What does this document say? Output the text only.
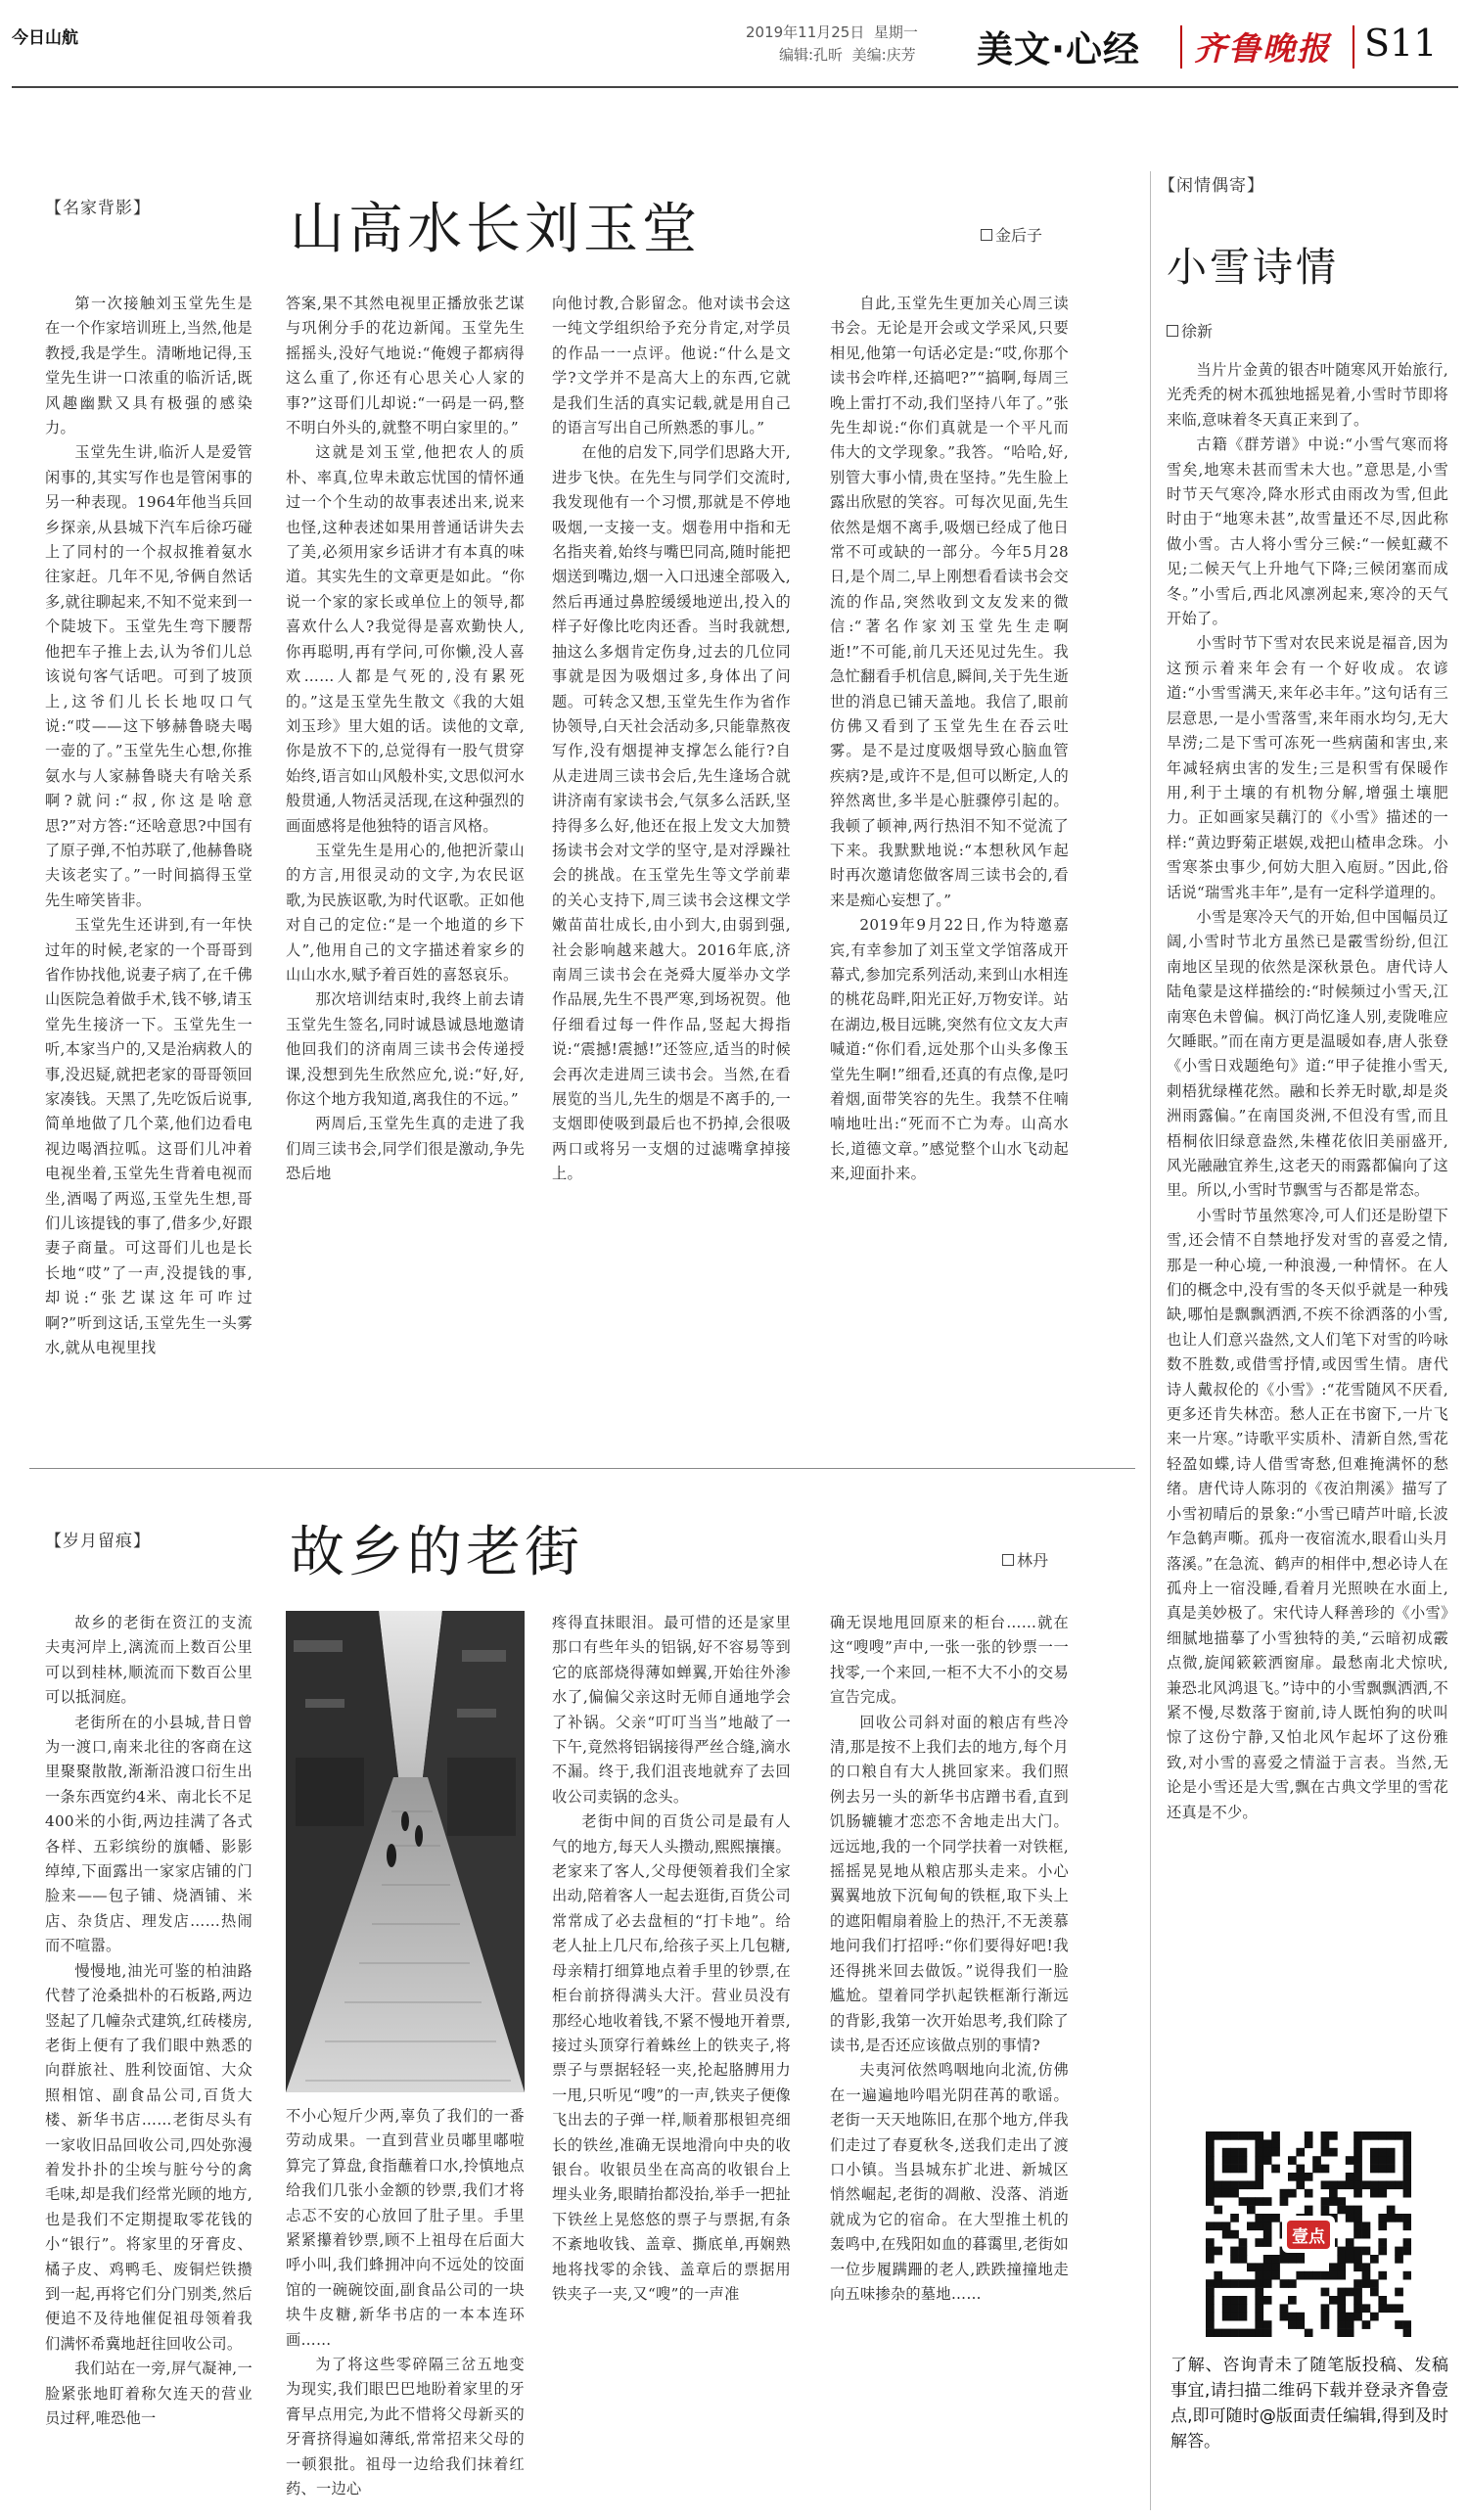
今日山航	2019年11月25日 星期一
编辑:孔昕 美编:庆芳 美文·心经 齐鲁晚报 S11
【名家背影】	山高水长刘玉堂	金后子

第一次接触刘玉堂先生是在一个作家培训班上,当然,他是教授,我是学生。清晰地记得,玉堂先生讲一口浓重的临沂话,既风趣幽默又具有极强的感染力。

玉堂先生讲,临沂人是爱管闲事的,其实写作也是管闲事的另一种表现。1964年他当兵回乡探亲,从县城下汽车后徐巧碰上了同村的一个叔叔推着氨水往家赶。几年不见,爷俩自然话多,就往聊起来,不知不觉来到一个陡坡下。玉堂先生弯下腰帮他把车子推上去,认为爷们儿总该说句客气话吧。可到了坡顶上,这爷们儿长长地叹口气说:“哎——这下够赫鲁晓夫喝一壶的了。”玉堂先生心想,你推氨水与人家赫鲁晓夫有啥关系啊?就问:“叔,你这是啥意思?”对方答:“还啥意思?中国有了原子弹,不怕苏联了,他赫鲁晓夫该老实了。”一时间搞得玉堂先生啼笑皆非。

玉堂先生还讲到,有一年快过年的时候,老家的一个哥哥到省作协找他,说妻子病了,在千佛山医院急着做手术,钱不够,请玉堂先生接济一下。玉堂先生一听,本家当户的,又是治病救人的事,没迟疑,就把老家的哥哥领回家凑钱。天黑了,先吃饭后说事,简单地做了几个菜,他们边看电视边喝酒拉呱。这哥们儿冲着电视坐着,玉堂先生背着电视而坐,酒喝了两巡,玉堂先生想,哥们儿该提钱的事了,借多少,好跟妻子商量。可这哥们儿也是长长地“哎”了一声,没提钱的事,却说:“张艺谋这年可咋过啊?”听到这话,玉堂先生一头雾水,就从电视里找

答案,果不其然电视里正播放张艺谋与巩俐分手的花边新闻。玉堂先生摇摇头,没好气地说:“俺嫂子都病得这么重了,你还有心思关心人家的事?”这哥们儿却说:“一码是一码,整不明白外头的,就整不明白家里的。”

这就是刘玉堂,他把农人的质朴、率真,位卑未敢忘忧国的情怀通过一个个生动的故事表述出来,说来也怪,这种表述如果用普通话讲失去了美,必须用家乡话讲才有本真的味道。其实先生的文章更是如此。“你说一个家的家长或单位上的领导,都喜欢什么人?我觉得是喜欢勤快人,你再聪明,再有学问,可你懒,没人喜欢……人都是气死的,没有累死的。”这是玉堂先生散文《我的大姐刘玉珍》里大姐的话。读他的文章,你是放不下的,总觉得有一股气贯穿始终,语言如山风般朴实,文思似河水般贯通,人物活灵活现,在这种强烈的画面感将是他独特的语言风格。

玉堂先生是用心的,他把沂蒙山的方言,用很灵动的文字,为农民讴歌,为民族讴歌,为时代讴歌。正如他对自己的定位:“是一个地道的乡下人”,他用自己的文字描述着家乡的山山水水,赋予着百姓的喜怒哀乐。

那次培训结束时,我终上前去请玉堂先生签名,同时诚恳诚恳地邀请他回我们的济南周三读书会传递授课,没想到先生欣然应允,说:“好,好,你这个地方我知道,离我住的不远。”

两周后,玉堂先生真的走进了我们周三读书会,同学们很是激动,争先恐后地

向他讨教,合影留念。他对读书会这一纯文学组织给予充分肯定,对学员的作品一一点评。他说:“什么是文学?文学并不是高大上的东西,它就是我们生活的真实记载,就是用自己的语言写出自己所熟悉的事儿。”

在他的启发下,同学们思路大开,进步飞快。在先生与同学们交流时,我发现他有一个习惯,那就是不停地吸烟,一支接一支。烟卷用中指和无名指夹着,始终与嘴巴同高,随时能把烟送到嘴边,烟一入口迅速全部吸入,然后再通过鼻腔缓缓地逆出,投入的样子好像比吃肉还香。当时我就想,抽这么多烟肯定伤身,过去的几位同事就是因为吸烟过多,身体出了问题。可转念又想,玉堂先生作为省作协领导,白天社会活动多,只能靠熬夜写作,没有烟提神支撑怎么能行?自从走进周三读书会后,先生逢场合就讲济南有家读书会,气氛多么活跃,坚持得多么好,他还在报上发文大加赞扬读书会对文学的坚守,是对浮躁社会的挑战。在玉堂先生等文学前辈的关心支持下,周三读书会这棵文学嫩苗苗壮成长,由小到大,由弱到强,社会影响越来越大。2016年底,济南周三读书会在尧舜大厦举办文学作品展,先生不畏严寒,到场祝贺。他仔细看过每一件作品,竖起大拇指说:“震撼!震撼!”还签应,适当的时候会再次走进周三读书会。当然,在看展览的当儿,先生的烟是不离手的,一支烟即使吸到最后也不扔掉,会很吸两口或将另一支烟的过滤嘴拿掉接上。

自此,玉堂先生更加关心周三读书会。无论是开会或文学采风,只要相见,他第一句话必定是:“哎,你那个读书会咋样,还搞吧?”“搞啊,每周三晚上雷打不动,我们坚持八年了。”张先生却说:“你们真就是一个平凡而伟大的文学现象。”我答。“哈哈,好,别管大事小情,贵在坚持。”先生脸上露出欣慰的笑容。可每次见面,先生依然是烟不离手,吸烟已经成了他日常不可或缺的一部分。今年5月28日,是个周二,早上刚想看看读书会交流的作品,突然收到文友发来的微信:“著名作家刘玉堂先生走啊逝!”不可能,前几天还见过先生。我急忙翻看手机信息,瞬间,关于先生逝世的消息已铺天盖地。我信了,眼前仿佛又看到了玉堂先生在吞云吐雾。是不是过度吸烟导致心脑血管疾病?是,或许不是,但可以断定,人的猝然离世,多半是心脏骤停引起的。我顿了顿神,两行热泪不知不觉流了下来。我默默地说:“本想秋风乍起时再次邀请您做客周三读书会的,看来是痴心妄想了。”

2019年9月22日,作为特邀嘉宾,有幸参加了刘玉堂文学馆落成开幕式,参加完系列活动,来到山水相连的桃花岛畔,阳光正好,万物安详。站在湖边,极目远眺,突然有位文友大声喊道:“你们看,远处那个山头多像玉堂先生啊!”细看,还真的有点像,是叼着烟,面带笑容的先生。我禁不住喃喃地吐出:“死而不亡为寿。山高水长,道德文章。”感觉整个山水飞动起来,迎面扑来。

【岁月留痕】	故乡的老街	林丹

故乡的老街在资江的支流夫夷河岸上,漓流而上数百公里可以到桂林,顺流而下数百公里可以抵洞庭。

老街所在的小县城,昔日曾为一渡口,南来北往的客商在这里聚聚散散,渐渐沿渡口衍生出一条东西宽约4米、南北长不足400米的小街,两边挂满了各式各样、五彩缤纷的旗幡、影影绰绰,下面露出一家家店铺的门脸来——包子铺、烧酒铺、米店、杂货店、理发店……热闹而不喧嚣。

慢慢地,油光可鉴的柏油路代替了沧桑拙朴的石板路,两边竖起了几幢杂式建筑,红砖楼房,老街上便有了我们眼中熟悉的向群旅社、胜利饺面馆、大众照相馆、副食品公司,百货大楼、新华书店……老街尽头有一家收旧品回收公司,四处弥漫着发扑扑的尘埃与脏兮兮的禽毛味,却是我们经常光顾的地方,也是我们不定期提取零花钱的小“银行”。将家里的牙膏皮、橘子皮、鸡鸭毛、废铜烂铁攒到一起,再将它们分门别类,然后便追不及待地催促祖母领着我们满怀希冀地赶往回收公司。

我们站在一旁,屏气凝神,一脸紧张地盯着称欠连天的营业员过秤,唯恐他一

不小心短斤少两,辜负了我们的一番劳动成果。一直到营业员嘟里嘟啦算完了算盘,食指蘸着口水,拎慎地点给我们几张小金额的钞票,我们才将忐忑不安的心放回了肚子里。手里紧紧攥着钞票,顾不上祖母在后面大呼小叫,我们蜂拥冲向不远处的饺面馆的一碗碗饺面,副食品公司的一块块牛皮糖,新华书店的一本本连环画……

为了将这些零碎隔三岔五地变为现实,我们眼巴巴地盼着家里的牙膏早点用完,为此不惜将父母新买的牙膏挤得遍如薄纸,常常招来父母的一顿狠批。祖母一边给我们抹着红药、一边心

疼得直抹眼泪。最可惜的还是家里那口有些年头的铝锅,好不容易等到它的底部烧得薄如蝉翼,开始往外渗水了,偏偏父亲这时无师自通地学会了补锅。父亲“叮叮当当”地敲了一下午,竟然将铝锅接得严丝合缝,滴水不漏。终于,我们沮丧地就弃了去回收公司卖锅的念头。

老街中间的百货公司是最有人气的地方,每天人头攒动,熙熙攘攘。老家来了客人,父母便领着我们全家出动,陪着客人一起去逛街,百货公司常常成了必去盘桓的“打卡地”。给老人扯上几尺布,给孩子买上几包糖,母亲精打细算地点着手里的钞票,在柜台前挤得满头大汗。营业员没有那经心地收着钱,不紧不慢地开着票,接过头顶穿行着蛛丝上的铁夹子,将票子与票据轻轻一夹,抡起胳膊用力一甩,只听见“嗖”的一声,铁夹子便像飞出去的子弹一样,顺着那根钽亮细长的铁丝,准确无误地滑向中央的收银台。收银员坐在高高的收银台上埋头业务,眼睛抬都没抬,举手一把扯下铁丝上晃悠悠的票子与票据,有条不紊地收钱、盖章、撕底单,再娴熟地将找零的余钱、盖章后的票据用铁夹子一夹,又“嗖”的一声准

确无误地甩回原来的柜台……就在这“嗖嗖”声中,一张一张的钞票一一找零,一个来回,一柜不大不小的交易宣告完成。

回收公司斜对面的粮店有些冷清,那是按不上我们去的地方,每个月的口粮自有大人挑回家来。我们照例去另一头的新华书店蹭书看,直到饥肠辘辘才恋恋不舍地走出大门。远远地,我的一个同学扶着一对铁框,摇摇晃晃地从粮店那头走来。小心翼翼地放下沉甸甸的铁框,取下头上的遮阳帽扇着脸上的热汗,不无羡慕地问我们打招呼:“你们要得好吧!我还得挑米回去做饭。”说得我们一脸尴尬。望着同学扒起铁框渐行渐远的背影,我第一次开始思考,我们除了读书,是否还应该做点别的事情?

夫夷河依然鸣咽地向北流,仿佛在一遍遍地吟唱光阴荏苒的歌谣。老街一天天地陈旧,在那个地方,伴我们走过了春夏秋冬,送我们走出了渡口小镇。当县城东扩北进、新城区悄然崛起,老街的凋敝、没落、消逝就成为它的宿命。在大型推土机的轰鸣中,在残阳如血的暮霭里,老街如一位步履蹒跚的老人,跌跌撞撞地走向五味掺杂的墓地……

【闲情偶寄】
小雪诗情
徐新

当片片金黄的银杏叶随寒风开始旅行,光秃秃的树木孤独地摇晃着,小雪时节即将来临,意味着冬天真正来到了。

古籍《群芳谱》中说:“小雪气寒而将雪矣,地寒未甚而雪未大也。”意思是,小雪时节天气寒冷,降水形式由雨改为雪,但此时由于“地寒未甚”,故雪量还不尽,因此称做小雪。古人将小雪分三候:“一候虹藏不见;二候天气上升地气下降;三候闭塞而成冬。”小雪后,西北风凛冽起来,寒冷的天气开始了。

小雪时节下雪对农民来说是福音,因为这预示着来年会有一个好收成。农谚道:“小雪雪满天,来年必丰年。”这句话有三层意思,一是小雪落雪,来年雨水均匀,无大旱涝;二是下雪可冻死一些病菌和害虫,来年减轻病虫害的发生;三是积雪有保暖作用,利于土壤的有机物分解,增强土壤肥力。正如画家吴藕汀的《小雪》描述的一样:“黄边野菊正堪娱,戏把山楂串念珠。小雪寒茶虫事少,何妨大胆入庖厨。”因此,俗话说“瑞雪兆丰年”,是有一定科学道理的。

小雪是寒冷天气的开始,但中国幅员辽阔,小雪时节北方虽然已是霰雪纷纷,但江南地区呈现的依然是深秋景色。唐代诗人陆龟蒙是这样描绘的:“时候频过小雪天,江南寒色未曾偏。枫汀尚忆逢人别,麦陇唯应欠睡眠。”而在南方更是温暖如春,唐人张登《小雪日戏题绝句》道:“甲子徒推小雪天,刺梧犹绿槿花然。融和长养无时歇,却是炎洲雨露偏。”在南国炎洲,不但没有雪,而且梧桐依旧绿意盎然,朱槿花依旧美丽盛开,风光融融宜养生,这老天的雨露都偏向了这里。所以,小雪时节飘雪与否都是常态。

小雪时节虽然寒冷,可人们还是盼望下雪,还会情不自禁地抒发对雪的喜爱之情,那是一种心境,一种浪漫,一种情怀。在人们的概念中,没有雪的冬天似乎就是一种残缺,哪怕是飘飘洒洒,不疾不徐洒落的小雪,也让人们意兴盎然,文人们笔下对雪的吟咏数不胜数,或借雪抒情,或因雪生情。唐代诗人戴叔伦的《小雪》:“花雪随风不厌看,更多还肯失林峦。愁人正在书窗下,一片飞来一片寒。”诗歌平实质朴、清新自然,雪花轻盈如蝶,诗人借雪寄愁,但难掩满怀的愁绪。唐代诗人陈羽的《夜泊荆溪》描写了小雪初晴后的景象:“小雪已晴芦叶暗,长波乍急鹤声嘶。孤舟一夜宿流水,眼看山头月落溪。”在急流、鹤声的相伴中,想必诗人在孤舟上一宿没睡,看着月光照映在水面上,真是美妙极了。宋代诗人释善珍的《小雪》细腻地描摹了小雪独特的美,“云暗初成霰点微,旋闻簌簌洒窗扉。最愁南北犬惊吠,兼恐北风鸿退飞。”诗中的小雪飘飘洒洒,不紧不慢,尽数落于窗前,诗人既怕狗的吠叫惊了这份宁静,又怕北风乍起坏了这份雅致,对小雪的喜爱之情溢于言表。当然,无论是小雪还是大雪,飘在古典文学里的雪花还真是不少。

壹点
了解、咨询青未了随笔版投稿、发稿事宜,请扫描二维码下载并登录齐鲁壹点,即可随时@版面责任编辑,得到及时解答。
